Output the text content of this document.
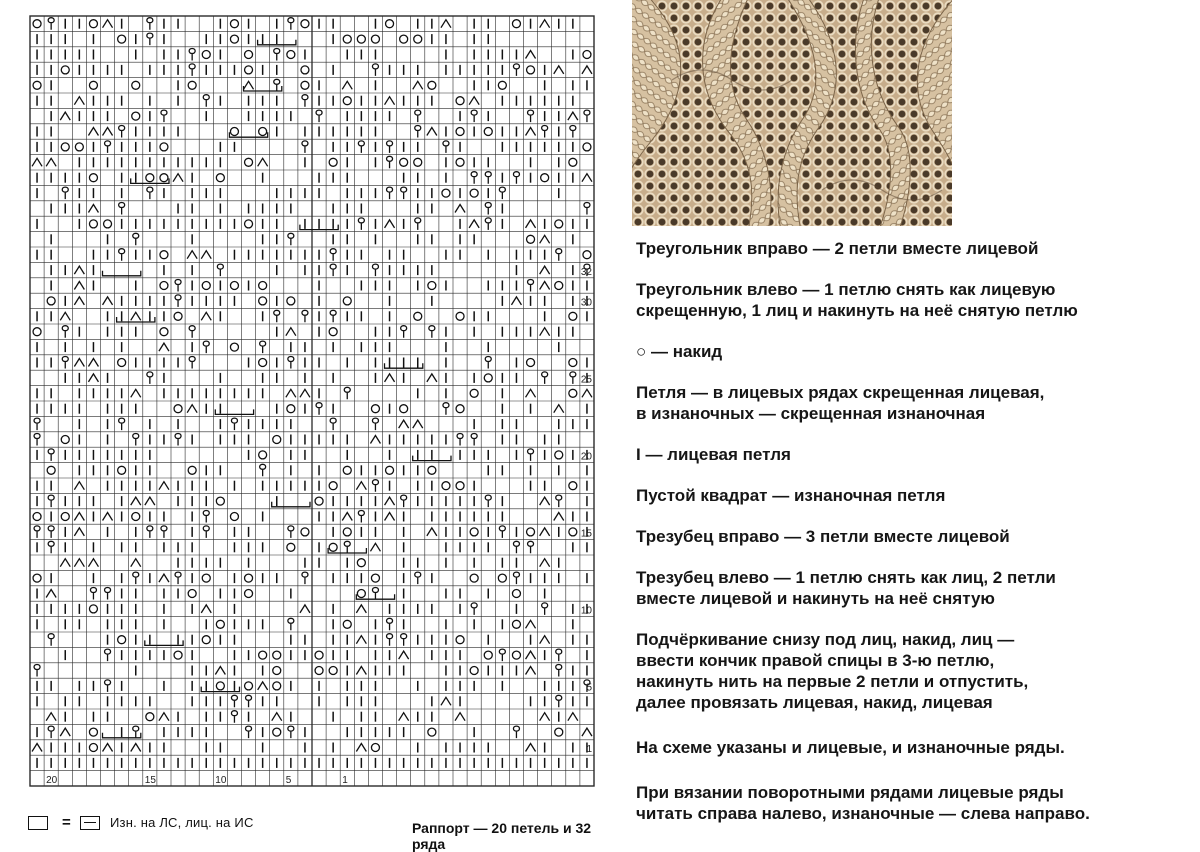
1
5
10
15
20
25
30
32
20	15	10	5	1

Треугольник вправо — 2 петли вместе лицевой

Треугольник влево — 1 петлю снять как лицевую
скрещенную, 1 лиц и накинуть на неё снятую петлю

○ — накид

Петля — в лицевых рядах скрещенная лицевая,
в изнаночных — скрещенная изнаночная

I — лицевая петля

Пустой квадрат — изнаночная петля

Трезубец вправо — 3 петли вместе лицевой

Трезубец влево — 1 петлю снять как лиц, 2 петли
вместе лицевой и накинуть на неё снятую

Подчёркивание снизу под лиц, накид, лиц —
ввести кончик правой спицы в 3-ю петлю,
накинуть нить на первые 2 петли и отпустить,
далее провязать лицевая, накид, лицевая

На схеме указаны и лицевые, и изнаночные ряды.

При вязании поворотными рядами лицевые ряды
читать справа налево, изнаночные — слева направо.

=	Изн. на ЛС, лиц. на ИС	Раппорт — 20 петель и 32 ряда
